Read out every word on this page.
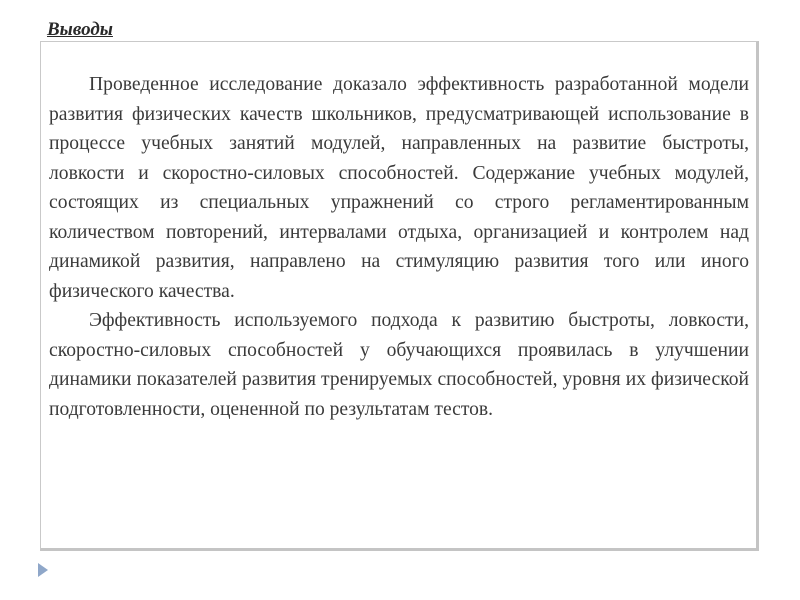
Выводы

Проведенное исследование доказало эффективность разработанной модели развития физических качеств школьников, предусматривающей использование в процессе учебных занятий модулей, направленных на развитие быстроты, ловкости и скоростно-силовых способностей. Содержание учебных модулей, состоящих из специальных упражнений со строго регламентированным количеством повторений, интервалами отдыха, организацией и контролем над динамикой развития, направлено на стимуляцию развития того или иного физического качества.

Эффективность используемого подхода к развитию быстроты, ловкости, скоростно-силовых способностей у обучающихся проявилась в улучшении динамики показателей развития тренируемых способностей, уровня их физической подготовленности, оцененной по результатам тестов.
